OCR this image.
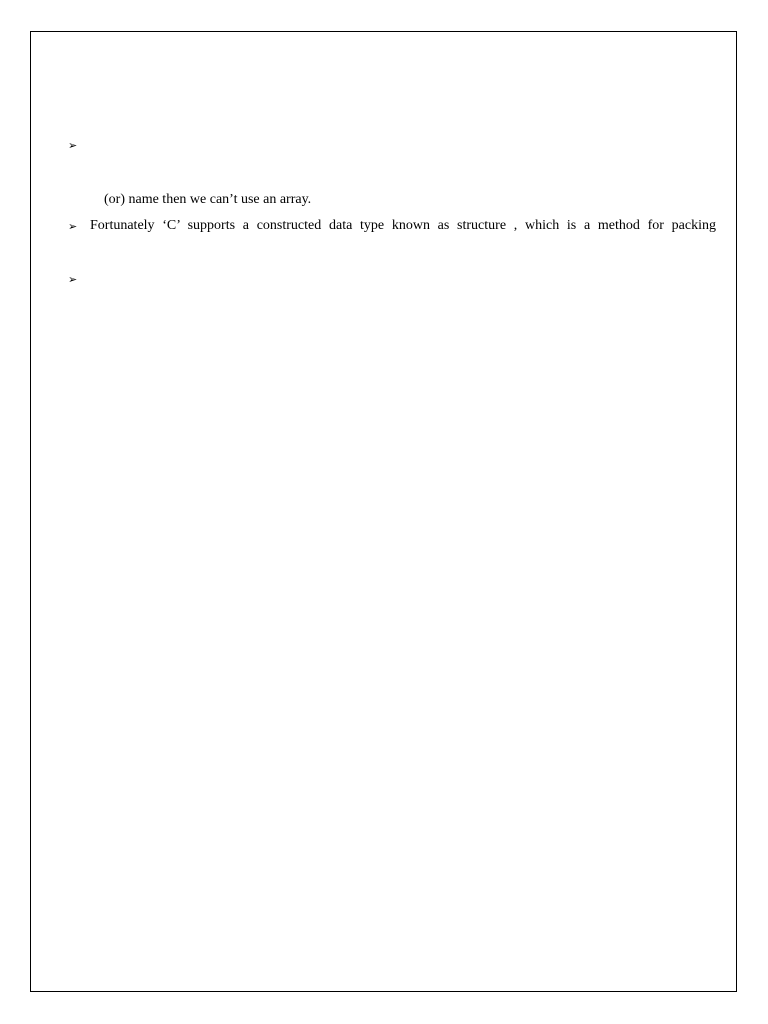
➢
(or) name then we can’t use an array.
➢ Fortunately ‘C’ supports a constructed data type known as structure , which is a method for packing
➢
